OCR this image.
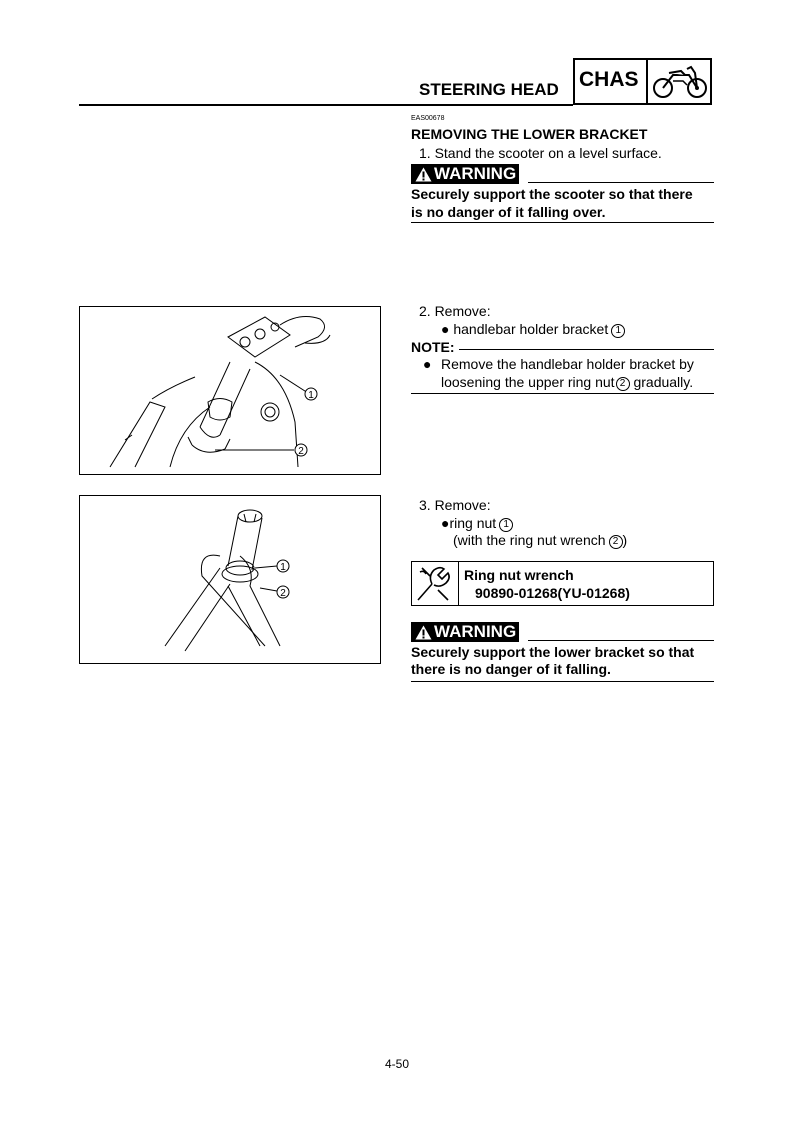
STEERING HEAD CHAS
EAS00678
REMOVING THE LOWER BRACKET
1. Stand the scooter on a level surface.
WARNING
Securely support the scooter so that there
is no danger of it falling over.
1
2
2. Remove:
● handlebar holder bracket 1
NOTE:
● Remove the handlebar holder bracket by
loosening the upper ring nut 2 gradually.
1
2
3. Remove:
●ring nut 1
(with the ring nut wrench 2 )
Ring nut wrench
90890-01268(YU-01268)
WARNING
Securely support the lower bracket so that
there is no danger of it falling.
4-50
